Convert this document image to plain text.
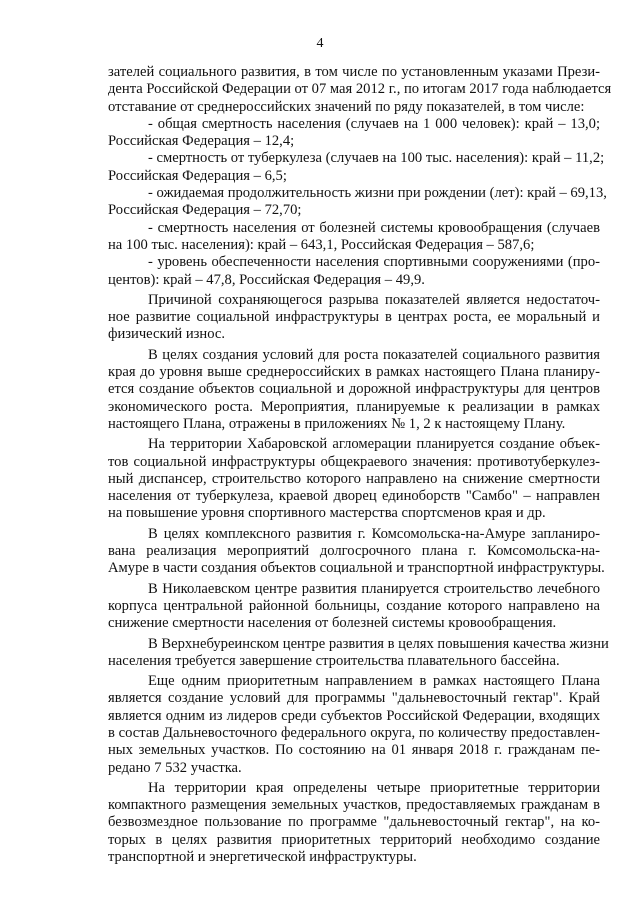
4
зателей социального развития, в том числе по установленным указами Прези-
дента Российской Федерации от 07 мая 2012 г., по итогам 2017 года наблюдается
отставание от среднероссийских значений по ряду показателей, в том числе:
- общая смертность населения (случаев на 1 000 человек): край – 13,0;
Российская Федерация – 12,4;
- смертность от туберкулеза (случаев на 100 тыс. населения): край – 11,2;
Российская Федерация – 6,5;
- ожидаемая продолжительность жизни при рождении (лет): край – 69,13,
Российская Федерация – 72,70;
- смертность населения от болезней системы кровообращения (случаев
на 100 тыс. населения): край – 643,1, Российская Федерация – 587,6;
- уровень обеспеченности населения спортивными сооружениями (про-
центов): край – 47,8, Российская Федерация – 49,9.
Причиной сохраняющегося разрыва показателей является недостаточ-
ное развитие социальной инфраструктуры в центрах роста, ее моральный и
физический износ.
В целях создания условий для роста показателей социального развития
края до уровня выше среднероссийских в рамках настоящего Плана планиру-
ется создание объектов социальной и дорожной инфраструктуры для центров
экономического роста. Мероприятия, планируемые к реализации в рамках
настоящего Плана, отражены в приложениях № 1, 2 к настоящему Плану.
На территории Хабаровской агломерации планируется создание объек-
тов социальной инфраструктуры общекраевого значения: противотуберкулез-
ный диспансер, строительство которого направлено на снижение смертности
населения от туберкулеза, краевой дворец единоборств "Самбо" – направлен
на повышение уровня спортивного мастерства спортсменов края и др.
В целях комплексного развития г. Комсомольска-на-Амуре запланиро-
вана реализация мероприятий долгосрочного плана г. Комсомольска-на-
Амуре в части создания объектов социальной и транспортной инфраструктуры.
В Николаевском центре развития планируется строительство лечебного
корпуса центральной районной больницы, создание которого направлено на
снижение смертности населения от болезней системы кровообращения.
В Верхнебуреинском центре развития в целях повышения качества жизни
населения требуется завершение строительства плавательного бассейна.
Еще одним приоритетным направлением в рамках настоящего Плана
является создание условий для программы "дальневосточный гектар". Край
является одним из лидеров среди субъектов Российской Федерации, входящих
в состав Дальневосточного федерального округа, по количеству предоставлен-
ных земельных участков. По состоянию на 01 января 2018 г. гражданам пе-
редано 7 532 участка.
На территории края определены четыре приоритетные территории
компактного размещения земельных участков, предоставляемых гражданам в
безвозмездное пользование по программе "дальневосточный гектар", на ко-
торых в целях развития приоритетных территорий необходимо создание
транспортной и энергетической инфраструктуры.
